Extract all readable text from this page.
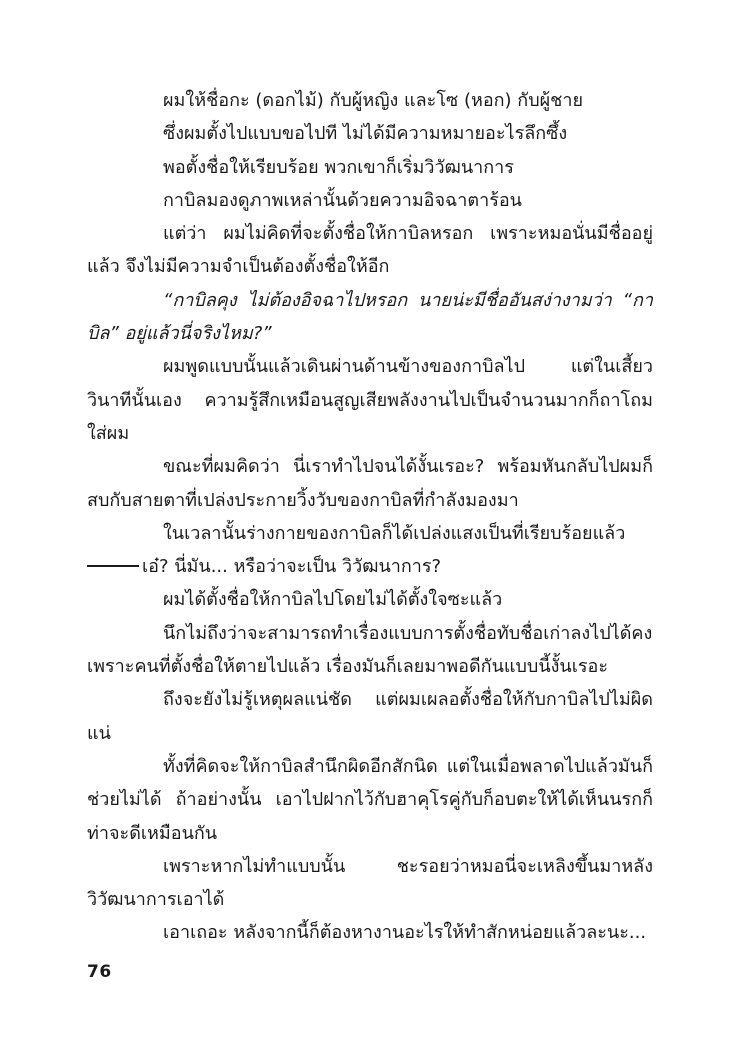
ผมให้ชื่อกะ (ดอกไม้) กับผู้หญิง และโซ (หอก) กับผู้ชาย

ซึ่งผมตั้งไปแบบขอไปที ไม่ได้มีความหมายอะไรลึกซึ้ง

พอตั้งชื่อให้เรียบร้อย พวกเขาก็เริ่มวิวัฒนาการ

กาบิลมองดูภาพเหล่านั้นด้วยความอิจฉาตาร้อน

แต่ว่า ผมไม่คิดที่จะตั้งชื่อให้กาบิลหรอก เพราะหมอนั่นมีชื่ออยู่แล้ว จึงไม่มีความจำเป็นต้องตั้งชื่อให้อีก

“กาบิลคุง ไม่ต้องอิจฉาไปหรอก นายน่ะมีชื่ออันสง่างามว่า “กาบิล” อยู่แล้วนี่จริงไหม?”

ผมพูดแบบนั้นแล้วเดินผ่านด้านข้างของกาบิลไป แต่ในเสี้ยววินาทีนั้นเอง ความรู้สึกเหมือนสูญเสียพลังงานไปเป็นจำนวนมากก็ถาโถมใส่ผม

ขณะที่ผมคิดว่า นี่เราทำไปจนได้งั้นเรอะ? พร้อมหันกลับไปผมก็สบกับสายตาที่เปล่งประกายวิ้งวับของกาบิลที่กำลังมองมา

ในเวลานั้นร่างกายของกาบิลก็ได้เปล่งแสงเป็นที่เรียบร้อยแล้ว

เอ๋? นี่มัน... หรือว่าจะเป็น วิวัฒนาการ?

ผมได้ตั้งชื่อให้กาบิลไปโดยไม่ได้ตั้งใจซะแล้ว

นึกไม่ถึงว่าจะสามารถทำเรื่องแบบการตั้งชื่อทับชื่อเก่าลงไปได้คงเพราะคนที่ตั้งชื่อให้ตายไปแล้ว เรื่องมันก็เลยมาพอดีกันแบบนี้งั้นเรอะ

ถึงจะยังไม่รู้เหตุผลแน่ชัด แต่ผมเผลอตั้งชื่อให้กับกาบิลไปไม่ผิดแน่

ทั้งที่คิดจะให้กาบิลสำนึกผิดอีกสักนิด แต่ในเมื่อพลาดไปแล้วมันก็ช่วยไม่ได้ ถ้าอย่างนั้น เอาไปฝากไว้กับฮาคุโรคู่กับก็อบตะให้ได้เห็นนรกก็ท่าจะดีเหมือนกัน

เพราะหากไม่ทำแบบนั้น ชะรอยว่าหมอนี่จะเหลิงขึ้นมาหลังวิวัฒนาการเอาได้

เอาเถอะ หลังจากนี้ก็ต้องหางานอะไรให้ทำสักหน่อยแล้วละนะ...

76
